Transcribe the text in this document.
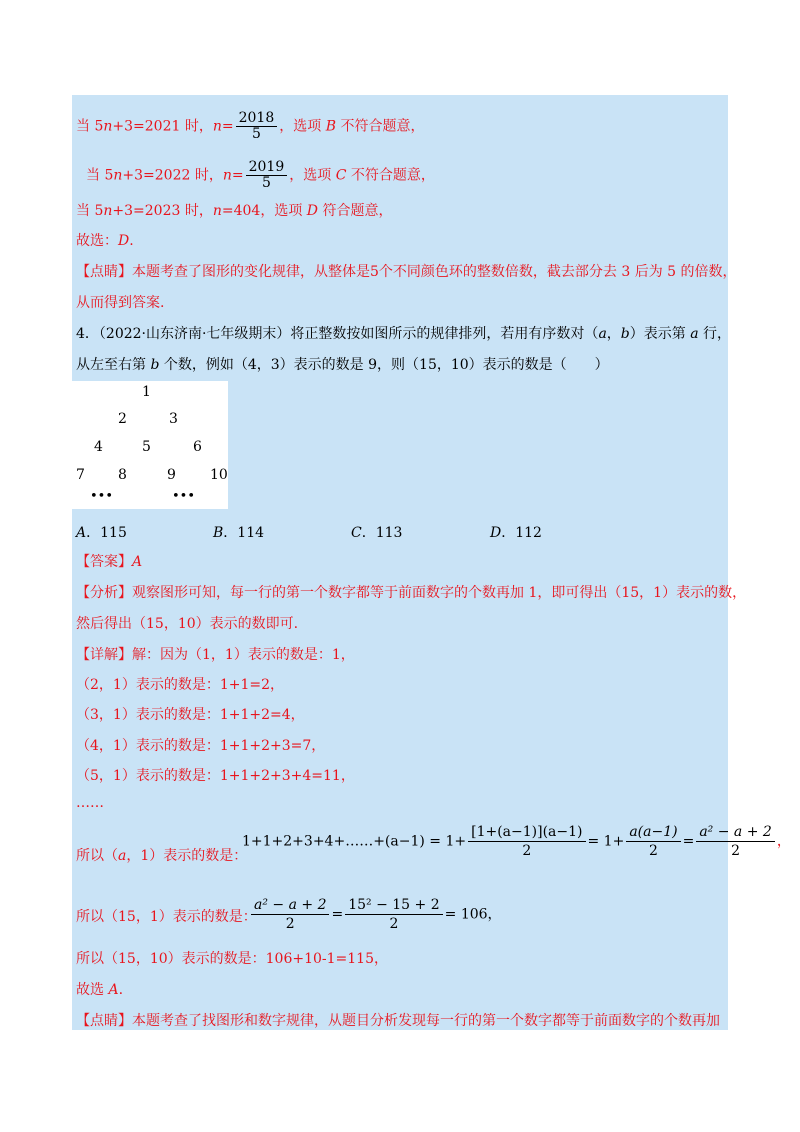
当 5n+3=2021 时，$n= \frac{2018}{5}$ ，选项 B 不符合题意，
当 5n+3=2022 时，$n= \frac{2019}{5}$ ，选项 C 不符合题意，
当 5n+3=2023 时，n=404，选项 D 符合题意，
故选：D.
【点睛】本题考查了图形的变化规律，从整体是5个不同颜色环的整数倍数，截去部分去 3 后为 5 的倍数，
从而得到答案.
4．（2022·山东济南·七年级期末）将正整数按如图所示的规律排列，若用有序数对（a，b）表示第 a 行，
从左至右第 b 个数，例如（4，3）表示的数是 9，则（15，10）表示的数是（　　）
1
2	3
4	5	6
7 8	9 10
•••	•••
A．115	B．114	C．113	D．112
【答案】A
【分析】观察图形可知，每一行的第一个数字都等于前面数字的个数再加 1，即可得出（15，1）表示的数，
然后得出（15，10）表示的数即可.
【详解】解：因为（1，1）表示的数是：1，
（2，1）表示的数是：1+1=2，
（3，1）表示的数是：1+1+2=4，
（4，1）表示的数是：1+1+2+3=7，
（5，1）表示的数是：1+1+2+3+4=11，
……
所以（a，1）表示的数是：
1+1+2+3+4+……+(a−1) = $1+ \frac{[1+(a-1)](a-1)}{2} = 1+ \frac{a(a-1)}{2} = \frac{\text{a² − a + 2}}{2}$ ，
所以（15，1）表示的数是：
$\frac{\text{a² − a + 2}}{2} = \frac{\text{15² − 15 + 2}}{2} = 106$，
所以（15，10）表示的数是：106+10-1=115，
故选 A.
【点睛】本题考查了找图形和数字规律，从题目分析发现每一行的第一个数字都等于前面数字的个数再加
